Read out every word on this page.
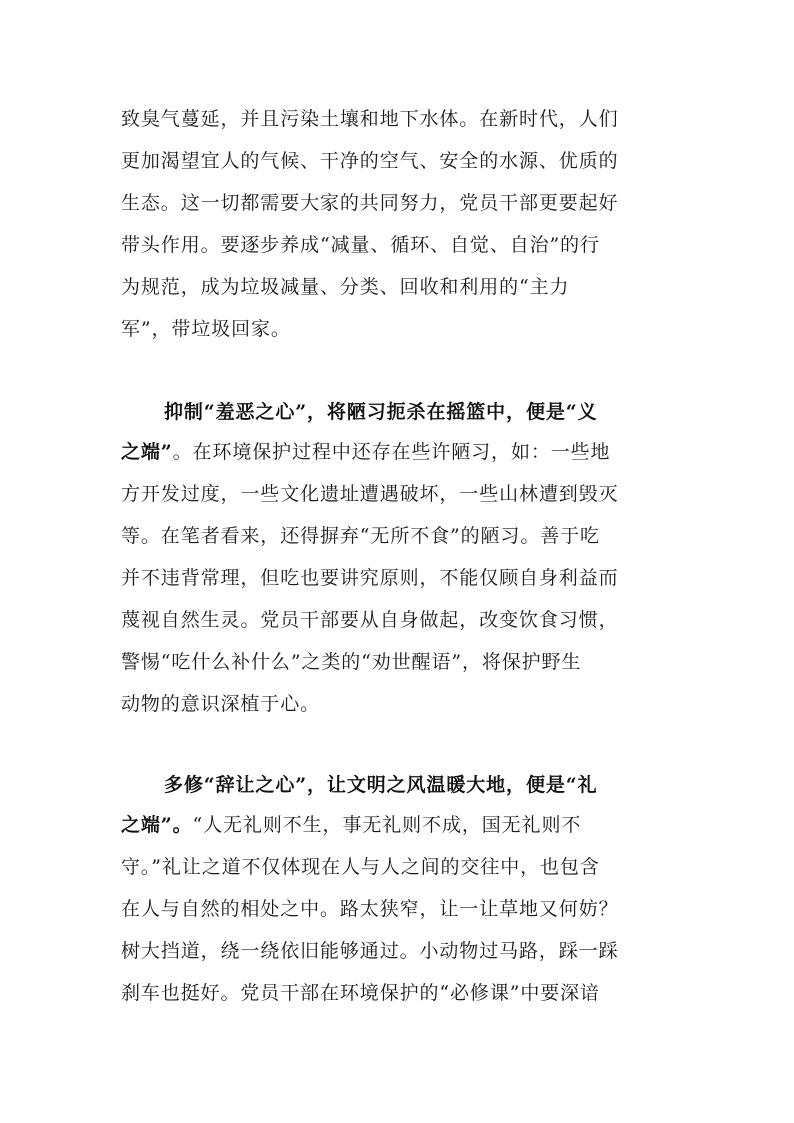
致臭气蔓延，并且污染土壤和地下水体。在新时代，人们
更加渴望宜人的气候、干净的空气、安全的水源、优质的
生态。这一切都需要大家的共同努力，党员干部更要起好
带头作用。要逐步养成“减量、循环、自觉、自治”的行
为规范，成为垃圾减量、分类、回收和利用的“主力
军”，带垃圾回家。
抑制“羞恶之心”，将陋习扼杀在摇篮中，便是“义
之端”。在环境保护过程中还存在些许陋习，如：一些地
方开发过度，一些文化遗址遭遇破坏，一些山林遭到毁灭
等。在笔者看来，还得摒弃“无所不食”的陋习。善于吃
并不违背常理，但吃也要讲究原则，不能仅顾自身利益而
蔑视自然生灵。党员干部要从自身做起，改变饮食习惯，
警惕“吃什么补什么”之类的“劝世醒语”，将保护野生
动物的意识深植于心。
多修“辞让之心”，让文明之风温暖大地，便是“礼
之端”。“人无礼则不生，事无礼则不成，国无礼则不
守。”礼让之道不仅体现在人与人之间的交往中，也包含
在人与自然的相处之中。路太狭窄，让一让草地又何妨？
树大挡道，绕一绕依旧能够通过。小动物过马路，踩一踩
刹车也挺好。党员干部在环境保护的“必修课”中要深谙
